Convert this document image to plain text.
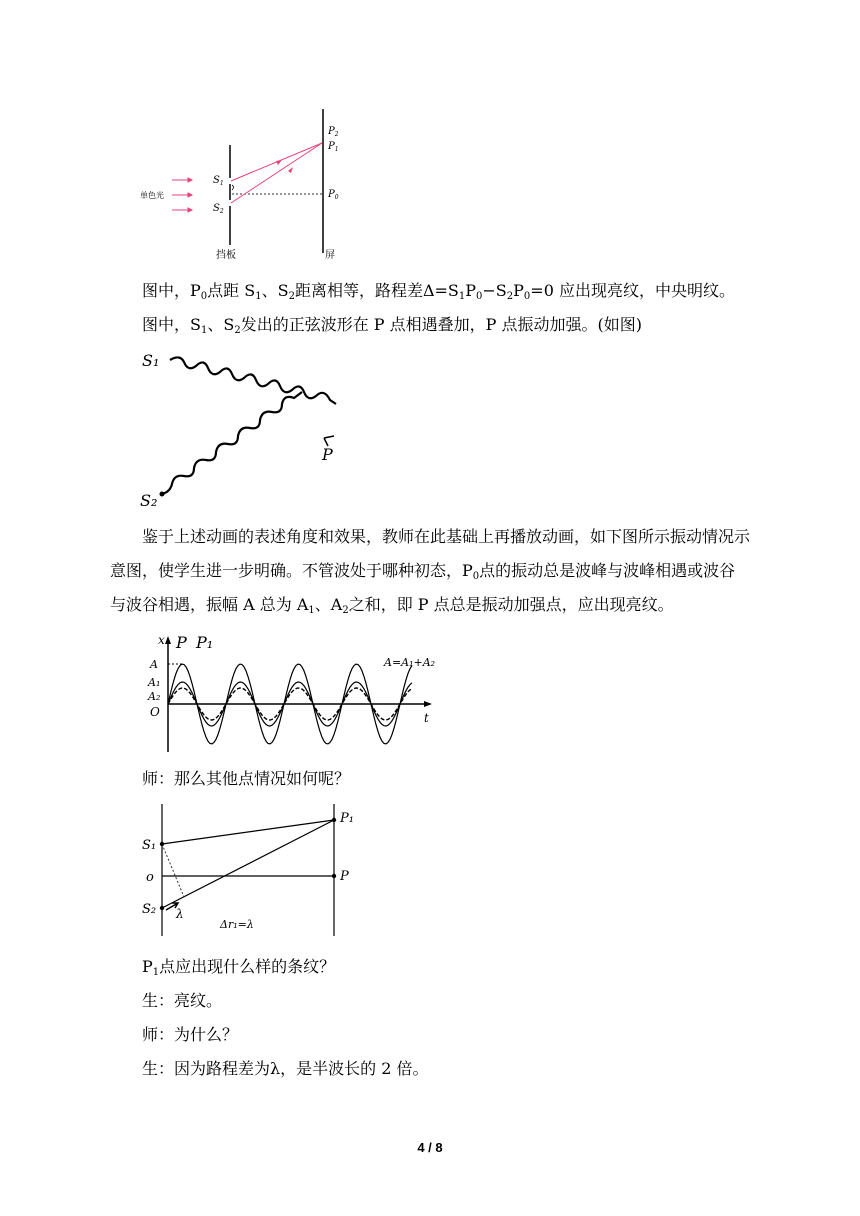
单色光
$S_1$
$S_2$
$P_2$
$P_1$
$P_0$
挡板	屏

图中，$P_0$点距 $S_1$、$S_2$距离相等，路程差$\Delta=S_1P_0-S_2P_0=0$ 应出现亮纹，中央明纹。

图中，$S_1$、$S_2$发出的正弦波形在 P 点相遇叠加，P 点振动加强。(如图)

S₁
S₂
P

鉴于上述动画的表述角度和效果，教师在此基础上再播放动画，如下图所示振动情况示意图，使学生进一步明确。不管波处于哪种初态，$P_0$点的振动总是波峰与波峰相遇或波谷与波谷相遇，振幅 A 总为 $A_1$、$A_2$之和，即 P 点总是振动加强点，应出现亮纹。

x P P₁
A
A₁
A₂
O	t
A=A₁+A₂

师：那么其他点情况如何呢？

S₁
o
S₂
P₁
P
λ
Δr₁=λ

$P_1$点应出现什么样的条纹？

生：亮纹。

师：为什么？

生：因为路程差为λ，是半波长的 2 倍。

4 / 8
